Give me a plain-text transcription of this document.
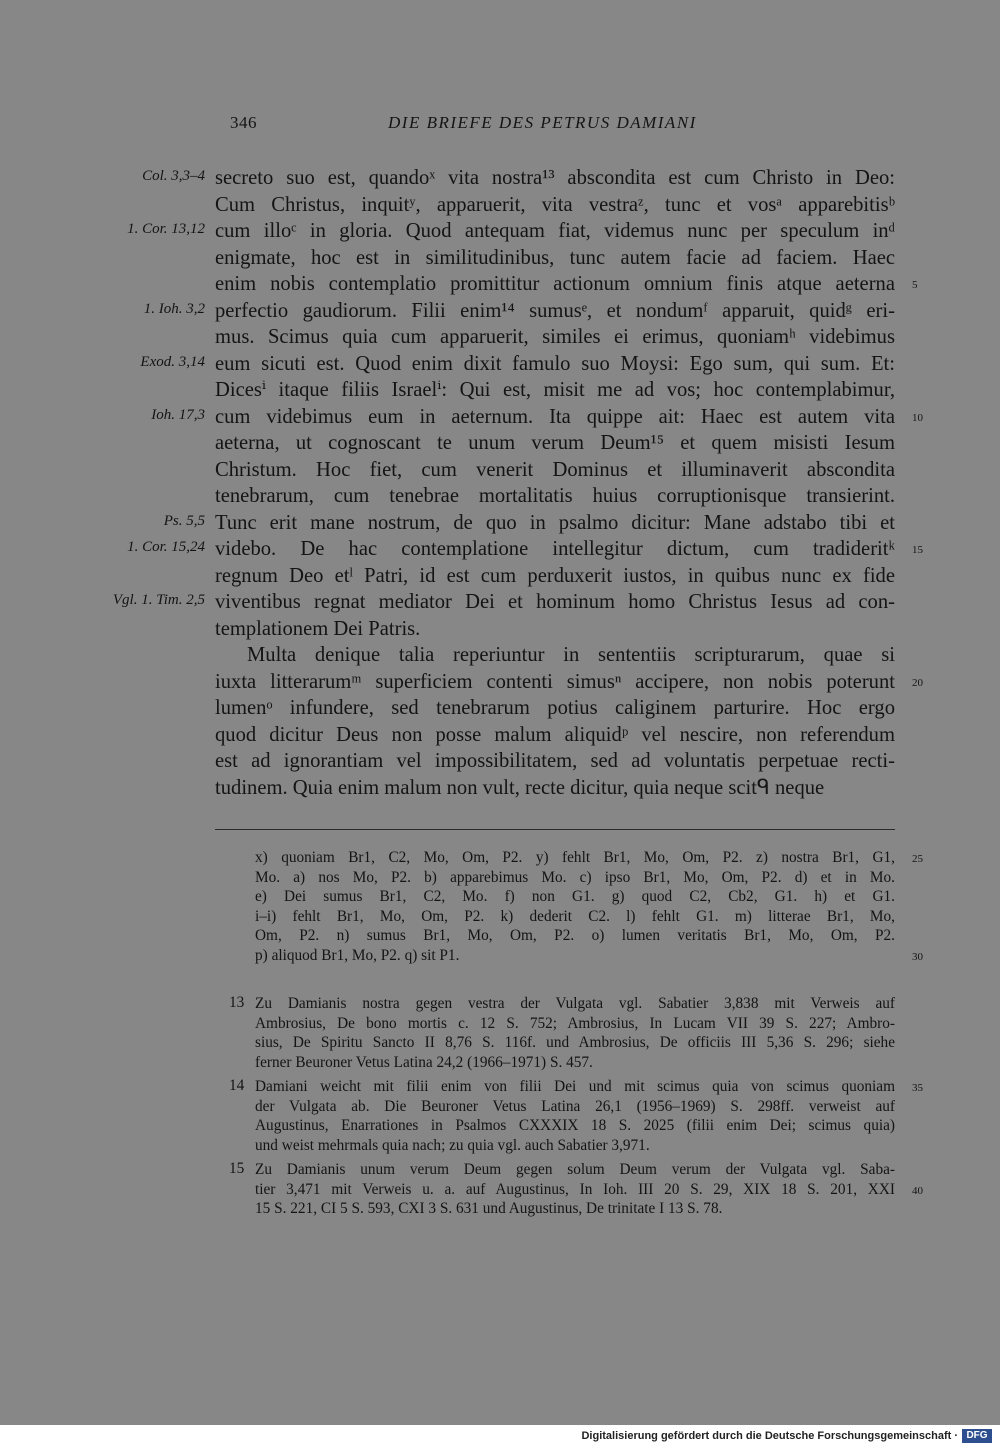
346	DIE BRIEFE DES PETRUS DAMIANI
Col. 3,3–4
1. Cor. 13,12
1. Ioh. 3,2
Exod. 3,14
Ioh. 17,3
Ps. 5,5
1. Cor. 15,24
Vgl. 1. Tim. 2,5
secreto suo est, quandoˣ vita nostra¹³ abscondita est cum Christo in Deo:
Cum Christus, inquitʸ, apparuerit, vita vestraᶻ, tunc et vosᵃ apparebitisᵇ
cum illoᶜ in gloria. Quod antequam fiat, videmus nunc per speculum inᵈ
enigmate, hoc est in similitudinibus, tunc autem facie ad faciem. Haec
enim nobis contemplatio promittitur actionum omnium finis atque aeterna
perfectio gaudiorum. Filii enim¹⁴ sumusᵉ, et nondumᶠ apparuit, quidᵍ eri-
mus. Scimus quia cum apparuerit, similes ei erimus, quoniamʰ videbimus
eum sicuti est. Quod enim dixit famulo suo Moysi: Ego sum, qui sum. Et:
Dicesⁱ itaque filiis Israelⁱ: Qui est, misit me ad vos; hoc contemplabimur,
cum videbimus eum in aeternum. Ita quippe ait: Haec est autem vita
aeterna, ut cognoscant te unum verum Deum¹⁵ et quem misisti Iesum
Christum. Hoc fiet, cum venerit Dominus et illuminaverit abscondita
tenebrarum, cum tenebrae mortalitatis huius corruptionisque transierint.
Tunc erit mane nostrum, de quo in psalmo dicitur: Mane adstabo tibi et
videbo. De hac contemplatione intellegitur dictum, cum tradideritᵏ
regnum Deo etˡ Patri, id est cum perduxerit iustos, in quibus nunc ex fide
viventibus regnat mediator Dei et hominum homo Christus Iesus ad con-
templationem Dei Patris.
Multa denique talia reperiuntur in sententiis scripturarum, quae si
iuxta litterarumᵐ superficiem contenti simusⁿ accipere, non nobis poterunt
lumenᵒ infundere, sed tenebrarum potius caliginem parturire. Hoc ergo
quod dicitur Deus non posse malum aliquidᵖ vel nescire, non referendum
est ad ignorantiam vel impossibilitatem, sed ad voluntatis perpetuae recti-
tudinem. Quia enim malum non vult, recte dicitur, quia neque scitᑫ neque
5
10
15
20
x) quoniam Br1, C2, Mo, Om, P2. y) fehlt Br1, Mo, Om, P2. z) nostra Br1, G1,
Mo. a) nos Mo, P2. b) apparebimus Mo. c) ipso Br1, Mo, Om, P2. d) et in Mo.
e) Dei sumus Br1, C2, Mo. f) non G1. g) quod C2, Cb2, G1. h) et G1.
i–i) fehlt Br1, Mo, Om, P2. k) dederit C2. l) fehlt G1. m) litterae Br1, Mo,
Om, P2. n) sumus Br1, Mo, Om, P2. o) lumen veritatis Br1, Mo, Om, P2.
p) aliquod Br1, Mo, P2. q) sit P1.
25
30
13 Zu Damianis nostra gegen vestra der Vulgata vgl. Sabatier 3,838 mit Verweis auf
Ambrosius, De bono mortis c. 12 S. 752; Ambrosius, In Lucam VII 39 S. 227; Ambro-
sius, De Spiritu Sancto II 8,76 S. 116f. und Ambrosius, De officiis III 5,36 S. 296; siehe
ferner Beuroner Vetus Latina 24,2 (1966–1971) S. 457.
14 Damiani weicht mit filii enim von filii Dei und mit scimus quia von scimus quoniam
der Vulgata ab. Die Beuroner Vetus Latina 26,1 (1956–1969) S. 298ff. verweist auf
Augustinus, Enarrationes in Psalmos CXXXIX 18 S. 2025 (filii enim Dei; scimus quia)
und weist mehrmals quia nach; zu quia vgl. auch Sabatier 3,971.
15 Zu Damianis unum verum Deum gegen solum Deum verum der Vulgata vgl. Saba-
tier 3,471 mit Verweis u. a. auf Augustinus, In Ioh. III 20 S. 29, XIX 18 S. 201, XXI
15 S. 221, CI 5 S. 593, CXI 3 S. 631 und Augustinus, De trinitate I 13 S. 78.
35
40
Digitalisierung gefördert durch die Deutsche Forschungsgemeinschaft · DFG
